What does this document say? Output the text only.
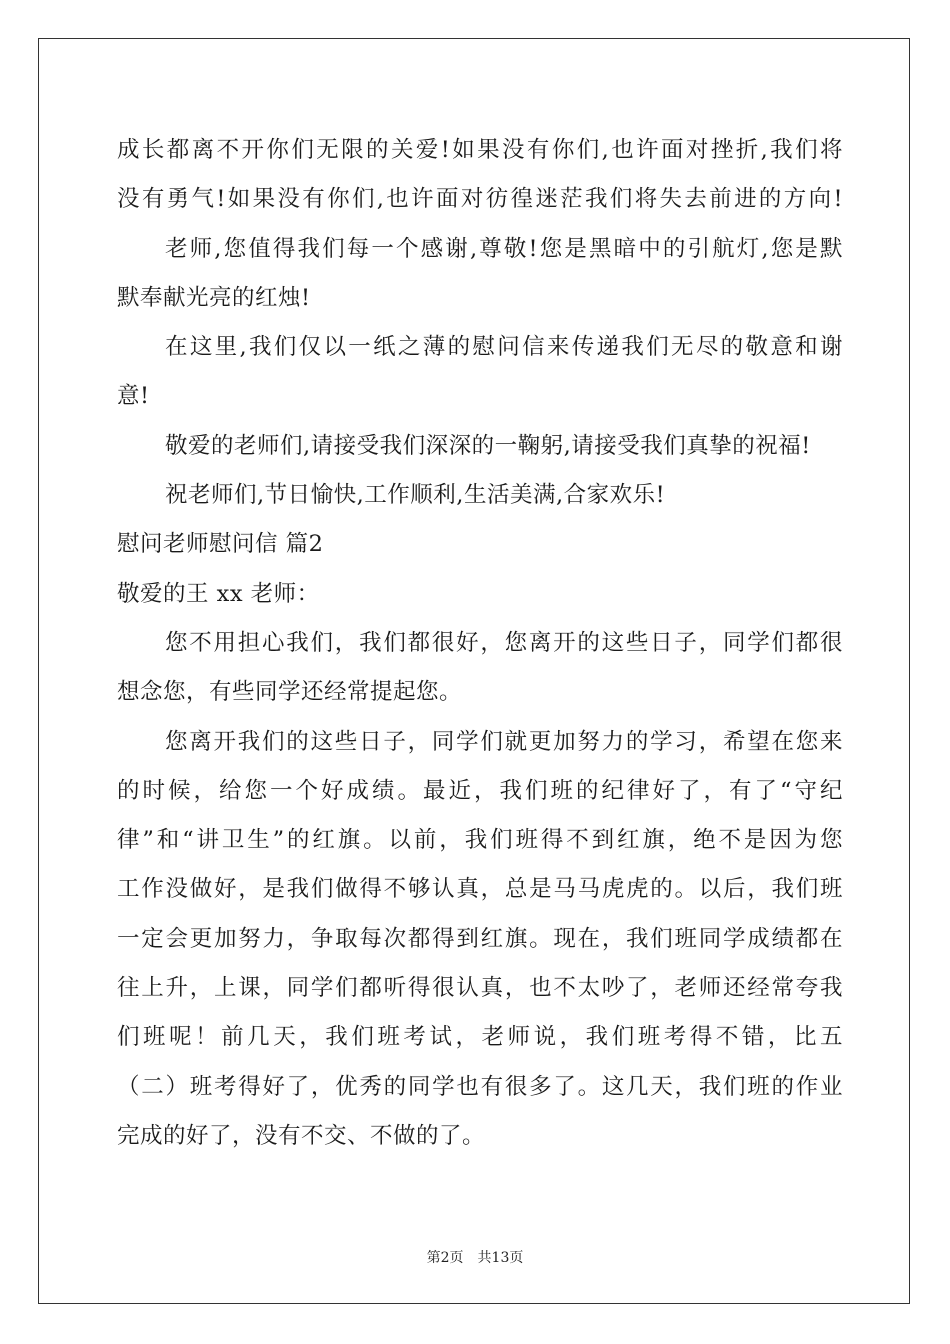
成长都离不开你们无限的关爱!如果没有你们,也许面对挫折,我们将
没有勇气!如果没有你们,也许面对彷徨迷茫我们将失去前进的方向!
老师,您值得我们每一个感谢,尊敬!您是黑暗中的引航灯,您是默
默奉献光亮的红烛!
在这里,我们仅以一纸之薄的慰问信来传递我们无尽的敬意和谢
意!
敬爱的老师们,请接受我们深深的一鞠躬,请接受我们真挚的祝福!
祝老师们,节日愉快,工作顺利,生活美满,合家欢乐!
慰问老师慰问信 篇2
敬爱的王 xx 老师：
您不用担心我们，我们都很好，您离开的这些日子，同学们都很
想念您，有些同学还经常提起您。
您离开我们的这些日子，同学们就更加努力的学习，希望在您来
的时候，给您一个好成绩。最近，我们班的纪律好了，有了“守纪
律”和“讲卫生”的红旗。以前，我们班得不到红旗，绝不是因为您
工作没做好，是我们做得不够认真，总是马马虎虎的。以后，我们班
一定会更加努力，争取每次都得到红旗。现在，我们班同学成绩都在
往上升，上课，同学们都听得很认真，也不太吵了，老师还经常夸我
们班呢！前几天，我们班考试，老师说，我们班考得不错，比五
（二）班考得好了，优秀的同学也有很多了。这几天，我们班的作业
完成的好了，没有不交、不做的了。
第2页 共13页
